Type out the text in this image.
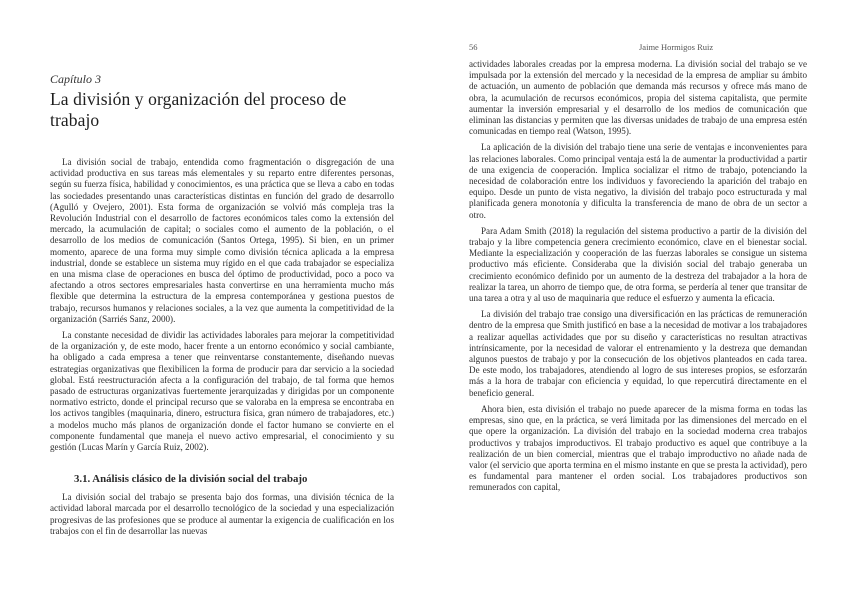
Capítulo 3
La división y organización del proceso de trabajo

La división social de trabajo, entendida como fragmentación o disgregación de una actividad productiva en sus tareas más elementales y su reparto entre diferentes personas, según su fuerza física, habilidad y conocimientos, es una práctica que se lleva a cabo en todas las sociedades presentando unas características distintas en función del grado de desarrollo (Agulló y Ovejero, 2001). Esta forma de organización se volvió más compleja tras la Revolución Industrial con el desarrollo de factores económicos tales como la extensión del mercado, la acumulación de capital; o sociales como el aumento de la población, o el desarrollo de los medios de comunicación (Santos Ortega, 1995). Si bien, en un primer momento, aparece de una forma muy simple como división técnica aplicada a la empresa industrial, donde se establece un sistema muy rígido en el que cada trabajador se especializa en una misma clase de operaciones en busca del óptimo de productividad, poco a poco va afectando a otros sectores empresariales hasta convertirse en una herramienta mucho más flexible que determina la estructura de la empresa contemporánea y gestiona puestos de trabajo, recursos humanos y relaciones sociales, a la vez que aumenta la competitividad de la organización (Sarriés Sanz, 2000).

La constante necesidad de dividir las actividades laborales para mejorar la competitividad de la organización y, de este modo, hacer frente a un entorno económico y social cambiante, ha obligado a cada empresa a tener que reinventarse constantemente, diseñando nuevas estrategias organizativas que flexibilicen la forma de producir para dar servicio a la sociedad global. Está reestructuración afecta a la configuración del trabajo, de tal forma que hemos pasado de estructuras organizativas fuertemente jerarquizadas y dirigidas por un componente normativo estricto, donde el principal recurso que se valoraba en la empresa se encontraba en los activos tangibles (maquinaria, dinero, estructura física, gran número de trabajadores, etc.) a modelos mucho más planos de organización donde el factor humano se convierte en el componente fundamental que maneja el nuevo activo empresarial, el conocimiento y su gestión (Lucas Marín y García Ruiz, 2002).

3.1. Análisis clásico de la división social del trabajo

La división social del trabajo se presenta bajo dos formas, una división técnica de la actividad laboral marcada por el desarrollo tecnológico de la sociedad y una especialización progresivas de las profesiones que se produce al aumentar la exigencia de cualificación en los trabajos con el fin de desarrollar las nuevas

56	Jaime Hormigos Ruiz

actividades laborales creadas por la empresa moderna. La división social del trabajo se ve impulsada por la extensión del mercado y la necesidad de la empresa de ampliar su ámbito de actuación, un aumento de población que demanda más recursos y ofrece más mano de obra, la acumulación de recursos económicos, propia del sistema capitalista, que permite aumentar la inversión empresarial y el desarrollo de los medios de comunicación que eliminan las distancias y permiten que las diversas unidades de trabajo de una empresa estén comunicadas en tiempo real (Watson, 1995).

La aplicación de la división del trabajo tiene una serie de ventajas e inconvenientes para las relaciones laborales. Como principal ventaja está la de aumentar la productividad a partir de una exigencia de cooperación. Implica socializar el ritmo de trabajo, potenciando la necesidad de colaboración entre los individuos y favoreciendo la aparición del trabajo en equipo. Desde un punto de vista negativo, la división del trabajo poco estructurada y mal planificada genera monotonía y dificulta la transferencia de mano de obra de un sector a otro.

Para Adam Smith (2018) la regulación del sistema productivo a partir de la división del trabajo y la libre competencia genera crecimiento económico, clave en el bienestar social. Mediante la especialización y cooperación de las fuerzas laborales se consigue un sistema productivo más eficiente. Consideraba que la división social del trabajo generaba un crecimiento económico definido por un aumento de la destreza del trabajador a la hora de realizar la tarea, un ahorro de tiempo que, de otra forma, se perdería al tener que transitar de una tarea a otra y al uso de maquinaria que reduce el esfuerzo y aumenta la eficacia.

La división del trabajo trae consigo una diversificación en las prácticas de remuneración dentro de la empresa que Smith justificó en base a la necesidad de motivar a los trabajadores a realizar aquellas actividades que por su diseño y características no resultan atractivas intrínsicamente, por la necesidad de valorar el entrenamiento y la destreza que demandan algunos puestos de trabajo y por la consecución de los objetivos planteados en cada tarea. De este modo, los trabajadores, atendiendo al logro de sus intereses propios, se esforzarán más a la hora de trabajar con eficiencia y equidad, lo que repercutirá directamente en el beneficio general.

Ahora bien, esta división el trabajo no puede aparecer de la misma forma en todas las empresas, sino que, en la práctica, se verá limitada por las dimensiones del mercado en el que opere la organización. La división del trabajo en la sociedad moderna crea trabajos productivos y trabajos improductivos. El trabajo productivo es aquel que contribuye a la realización de un bien comercial, mientras que el trabajo improductivo no añade nada de valor (el servicio que aporta termina en el mismo instante en que se presta la actividad), pero es fundamental para mantener el orden social. Los trabajadores productivos son remunerados con capital,
